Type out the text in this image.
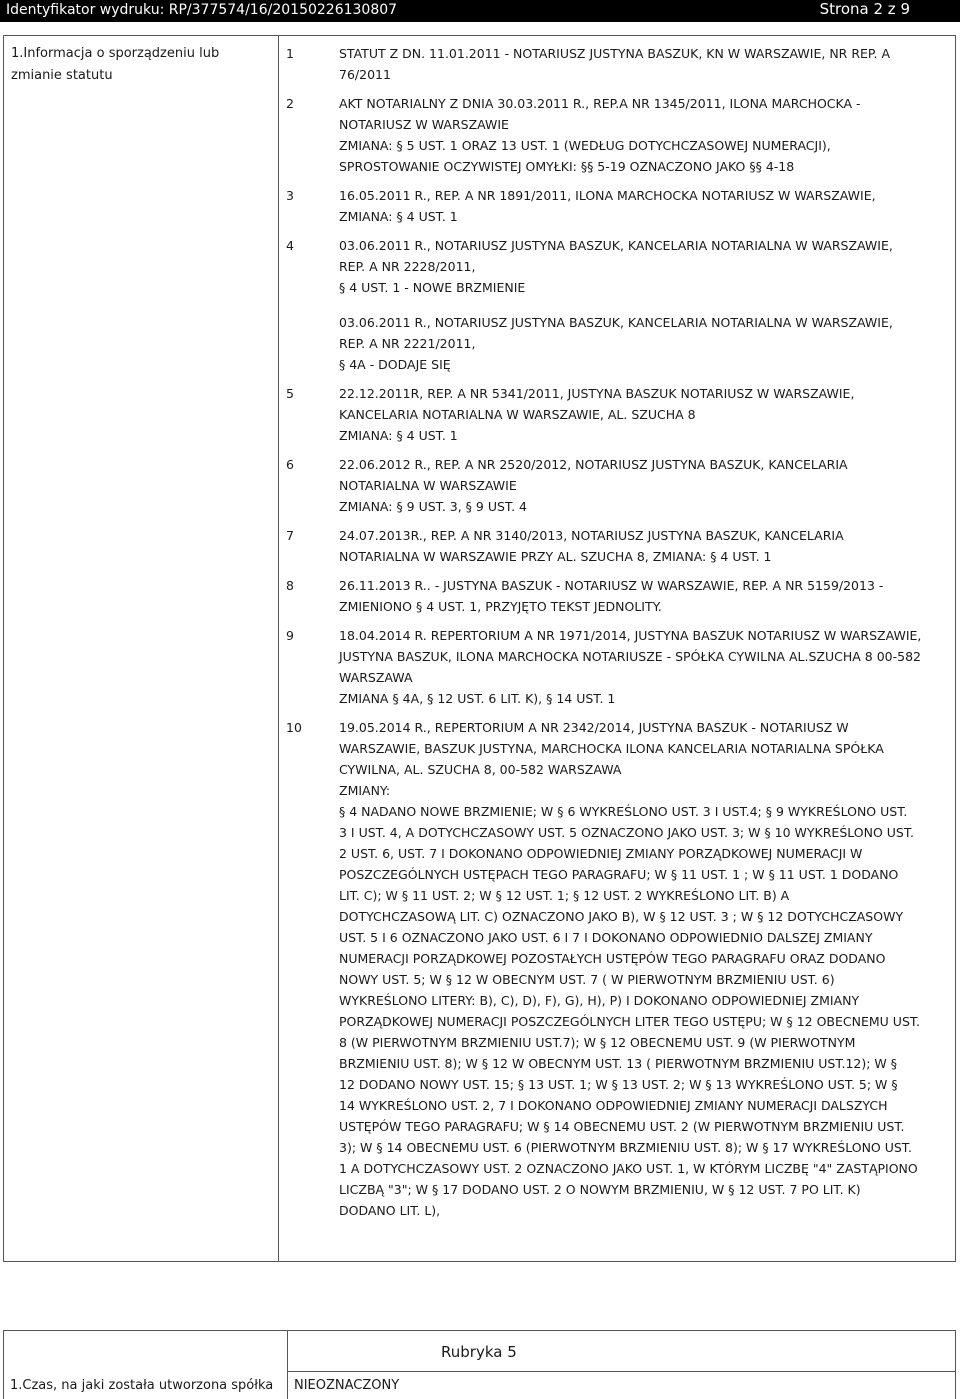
Identyfikator wydruku: RP/377574/16/20150226130807	Strona 2 z 9
1.Informacja o sporządzeniu lub zmianie statutu
1	STATUT Z DN. 11.01.2011 - NOTARIUSZ JUSTYNA BASZUK, KN W WARSZAWIE, NR REP. A
76/2011
2	AKT NOTARIALNY Z DNIA 30.03.2011 R., REP.A NR 1345/2011, ILONA MARCHOCKA -
NOTARIUSZ W WARSZAWIE
ZMIANA: § 5 UST. 1 ORAZ 13 UST. 1 (WEDŁUG DOTYCHCZASOWEJ NUMERACJI),
SPROSTOWANIE OCZYWISTEJ OMYŁKI: §§ 5-19 OZNACZONO JAKO §§ 4-18
3	16.05.2011 R., REP. A NR 1891/2011, ILONA MARCHOCKA NOTARIUSZ W WARSZAWIE,
ZMIANA: § 4 UST. 1
4	03.06.2011 R., NOTARIUSZ JUSTYNA BASZUK, KANCELARIA NOTARIALNA W WARSZAWIE,
REP. A NR 2228/2011,
§ 4 UST. 1 - NOWE BRZMIENIE
03.06.2011 R., NOTARIUSZ JUSTYNA BASZUK, KANCELARIA NOTARIALNA W WARSZAWIE,
REP. A NR 2221/2011,
§ 4A - DODAJE SIĘ
5	22.12.2011R, REP. A NR 5341/2011, JUSTYNA BASZUK NOTARIUSZ W WARSZAWIE,
KANCELARIA NOTARIALNA W WARSZAWIE, AL. SZUCHA 8
ZMIANA: § 4 UST. 1
6	22.06.2012 R., REP. A NR 2520/2012, NOTARIUSZ JUSTYNA BASZUK, KANCELARIA
NOTARIALNA W WARSZAWIE
ZMIANA: § 9 UST. 3, § 9 UST. 4
7	24.07.2013R., REP. A NR 3140/2013, NOTARIUSZ JUSTYNA BASZUK, KANCELARIA
NOTARIALNA W WARSZAWIE PRZY AL. SZUCHA 8, ZMIANA: § 4 UST. 1
8	26.11.2013 R.. - JUSTYNA BASZUK - NOTARIUSZ W WARSZAWIE, REP. A NR 5159/2013 -
ZMIENIONO § 4 UST. 1, PRZYJĘTO TEKST JEDNOLITY.
9	18.04.2014 R. REPERTORIUM A NR 1971/2014, JUSTYNA BASZUK NOTARIUSZ W WARSZAWIE,
JUSTYNA BASZUK, ILONA MARCHOCKA NOTARIUSZE - SPÓŁKA CYWILNA AL.SZUCHA 8 00-582
WARSZAWA
ZMIANA § 4A, § 12 UST. 6 LIT. K), § 14 UST. 1
10	19.05.2014 R., REPERTORIUM A NR 2342/2014, JUSTYNA BASZUK - NOTARIUSZ W
WARSZAWIE, BASZUK JUSTYNA, MARCHOCKA ILONA KANCELARIA NOTARIALNA SPÓŁKA
CYWILNA, AL. SZUCHA 8, 00-582 WARSZAWA
ZMIANY:
§ 4 NADANO NOWE BRZMIENIE; W § 6 WYKREŚLONO UST. 3 I UST.4; § 9 WYKREŚLONO UST.
3 I UST. 4, A DOTYCHCZASOWY UST. 5 OZNACZONO JAKO UST. 3; W § 10 WYKREŚLONO UST.
2 UST. 6, UST. 7 I DOKONANO ODPOWIEDNIEJ ZMIANY PORZĄDKOWEJ NUMERACJI W
POSZCZEGÓLNYCH USTĘPACH TEGO PARAGRAFU; W § 11 UST. 1 ; W § 11 UST. 1 DODANO
LIT. C); W § 11 UST. 2; W § 12 UST. 1; § 12 UST. 2 WYKREŚLONO LIT. B) A
DOTYCHCZASOWĄ LIT. C) OZNACZONO JAKO B), W § 12 UST. 3 ; W § 12 DOTYCHCZASOWY
UST. 5 I 6 OZNACZONO JAKO UST. 6 I 7 I DOKONANO ODPOWIEDNIO DALSZEJ ZMIANY
NUMERACJI PORZĄDKOWEJ POZOSTAŁYCH USTĘPÓW TEGO PARAGRAFU ORAZ DODANO
NOWY UST. 5; W § 12 W OBECNYM UST. 7 ( W PIERWOTNYM BRZMIENIU UST. 6)
WYKREŚLONO LITERY: B), C), D), F), G), H), P) I DOKONANO ODPOWIEDNIEJ ZMIANY
PORZĄDKOWEJ NUMERACJI POSZCZEGÓLNYCH LITER TEGO USTĘPU; W § 12 OBECNEMU UST.
8 (W PIERWOTNYM BRZMIENIU UST.7); W § 12 OBECNEMU UST. 9 (W PIERWOTNYM
BRZMIENIU UST. 8); W § 12 W OBECNYM UST. 13 ( PIERWOTNYM BRZMIENIU UST.12); W §
12 DODANO NOWY UST. 15; § 13 UST. 1; W § 13 UST. 2; W § 13 WYKREŚLONO UST. 5; W §
14 WYKREŚLONO UST. 2, 7 I DOKONANO ODPOWIEDNIEJ ZMIANY NUMERACJI DALSZYCH
USTĘPÓW TEGO PARAGRAFU; W § 14 OBECNEMU UST. 2 (W PIERWOTNYM BRZMIENIU UST.
3); W § 14 OBECNEMU UST. 6 (PIERWOTNYM BRZMIENIU UST. 8); W § 17 WYKREŚLONO UST.
1 A DOTYCHCZASOWY UST. 2 OZNACZONO JAKO UST. 1, W KTÓRYM LICZBĘ "4" ZASTĄPIONO
LICZBĄ "3"; W § 17 DODANO UST. 2 O NOWYM BRZMIENIU, W § 12 UST. 7 PO LIT. K)
DODANO LIT. L),
Rubryka 5
1.Czas, na jaki została utworzona spółka NIEOZNACZONY
